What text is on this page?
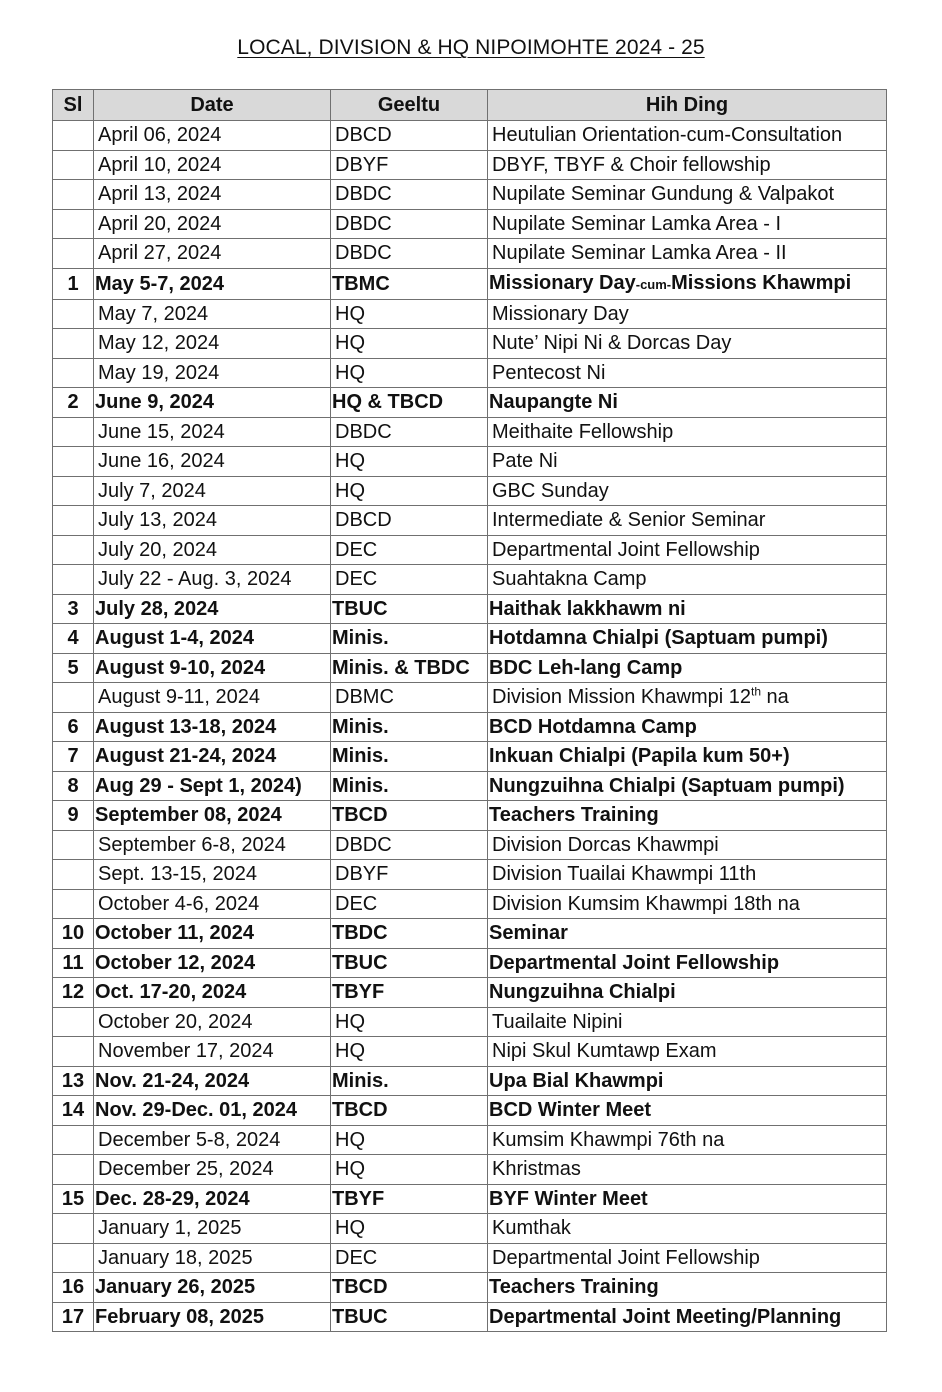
LOCAL, DIVISION & HQ NIPOIMOHTE 2024 - 25
Sl	Date	Geeltu	Hih Ding
	April 06, 2024	DBCD	Heutulian Orientation-cum-Consultation
	April 10, 2024	DBYF	DBYF, TBYF & Choir fellowship
	April 13, 2024	DBDC	Nupilate Seminar Gundung & Valpakot
	April 20, 2024	DBDC	Nupilate Seminar Lamka Area - I
	April 27, 2024	DBDC	Nupilate Seminar Lamka Area - II
1	May 5-7, 2024	TBMC	Missionary Day-cum-Missions Khawmpi
	May 7, 2024	HQ	Missionary Day
	May 12, 2024	HQ	Nute’ Nipi Ni & Dorcas Day
	May 19, 2024	HQ	Pentecost Ni
2	June 9, 2024	HQ & TBCD	Naupangte Ni
	June 15, 2024	DBDC	Meithaite Fellowship
	June 16, 2024	HQ	Pate Ni
	July 7, 2024	HQ	GBC Sunday
	July 13, 2024	DBCD	Intermediate & Senior Seminar
	July 20, 2024	DEC	Departmental Joint Fellowship
	July 22 - Aug. 3, 2024	DEC	Suahtakna Camp
3	July 28, 2024	TBUC	Haithak lakkhawm ni
4	August 1-4, 2024	Minis.	Hotdamna Chialpi (Saptuam pumpi)
5	August 9-10, 2024	Minis. & TBDC	BDC Leh-lang Camp
	August 9-11, 2024	DBMC	Division Mission Khawmpi 12th na
6	August 13-18, 2024	Minis.	BCD Hotdamna Camp
7	August 21-24, 2024	Minis.	Inkuan Chialpi (Papila kum 50+)
8	Aug 29 - Sept 1, 2024)	Minis.	Nungzuihna Chialpi (Saptuam pumpi)
9	September 08, 2024	TBCD	Teachers Training
	September 6-8, 2024	DBDC	Division Dorcas Khawmpi
	Sept. 13-15, 2024	DBYF	Division Tuailai Khawmpi 11th
	October 4-6, 2024	DEC	Division Kumsim Khawmpi 18th na
10	October 11, 2024	TBDC	Seminar
11	October 12, 2024	TBUC	Departmental Joint Fellowship
12	Oct. 17-20, 2024	TBYF	Nungzuihna Chialpi
	October 20, 2024	HQ	Tuailaite Nipini
	November 17, 2024	HQ	Nipi Skul Kumtawp Exam
13	Nov. 21-24, 2024	Minis.	Upa Bial Khawmpi
14	Nov. 29-Dec. 01, 2024	TBCD	BCD Winter Meet
	December 5-8, 2024	HQ	Kumsim Khawmpi 76th na
	December 25, 2024	HQ	Khristmas
15	Dec. 28-29, 2024	TBYF	BYF Winter Meet
	January 1, 2025	HQ	Kumthak
	January 18, 2025	DEC	Departmental Joint Fellowship
16	January 26, 2025	TBCD	Teachers Training
17	February 08, 2025	TBUC	Departmental Joint Meeting/Planning
